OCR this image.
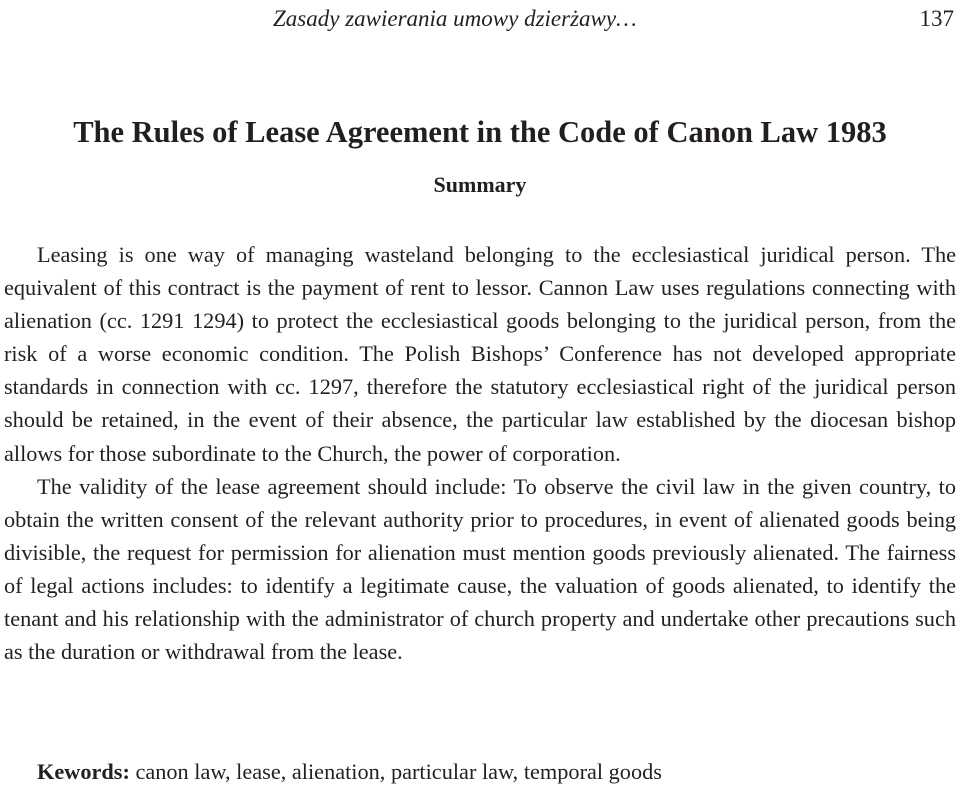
Zasady zawierania umowy dzierżawy…	137
The Rules of Lease Agreement in the Code of Canon Law 1983
Summary

Leasing is one way of managing wasteland belonging to the ecclesiastical juridical person. The equivalent of this contract is the payment of rent to lessor. Cannon Law uses regulations connecting with alienation (cc. 1291 1294) to protect the ecclesiastical goods belonging to the juridical person, from the risk of a worse economic condition. The Polish Bishops’ Conference has not developed appropriate standards in connection with cc. 1297, therefore the statutory ecclesiastical right of the juridical person should be retained, in the event of their absence, the particular law established by the diocesan bishop allows for those subordinate to the Church, the power of corporation.

The validity of the lease agreement should include: To observe the civil law in the given country, to obtain the written consent of the relevant authority prior to procedures, in event of alienated goods being divisible, the request for permission for alienation must mention goods previously alienated. The fairness of legal actions includes: to identify a legitimate cause, the valuation of goods alienated, to identify the tenant and his relationship with the administrator of church property and undertake other precautions such as the duration or withdrawal from the lease.

Kewords: canon law, lease, alienation, particular law, temporal goods
